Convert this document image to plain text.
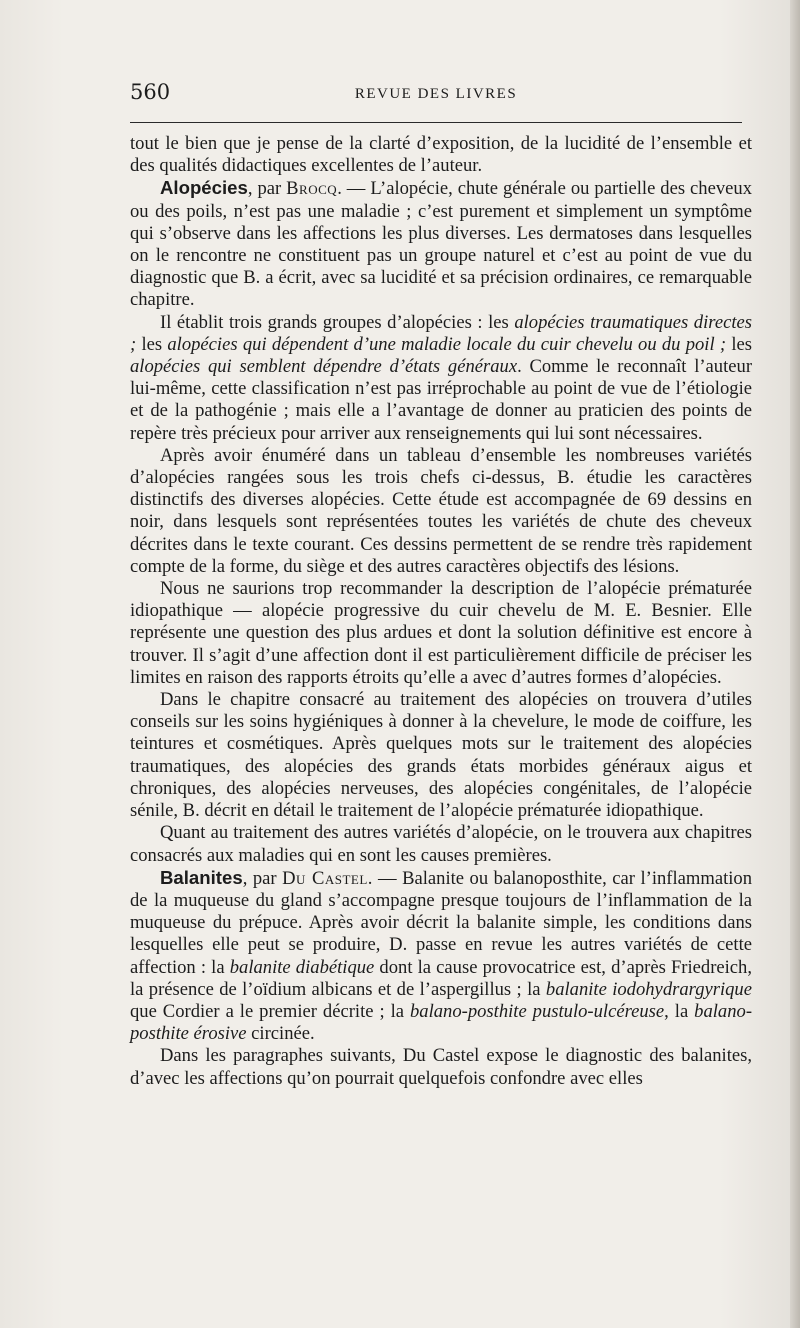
560	REVUE DES LIVRES

tout le bien que je pense de la clarté d’exposition, de la lucidité de l’ensemble et des qualités didactiques excellentes de l’auteur.

Alopécies, par Brocq. — L’alopécie, chute générale ou partielle des cheveux ou des poils, n’est pas une maladie ; c’est purement et simplement un symptôme qui s’observe dans les affections les plus diverses. Les dermatoses dans lesquelles on le rencontre ne constituent pas un groupe naturel et c’est au point de vue du diagnostic que B. a écrit, avec sa lucidité et sa précision ordinaires, ce remarquable chapitre.

Il établit trois grands groupes d’alopécies : les alopécies traumatiques directes ; les alopécies qui dépendent d’une maladie locale du cuir chevelu ou du poil ; les alopécies qui semblent dépendre d’états généraux. Comme le reconnaît l’auteur lui-même, cette classification n’est pas irréprochable au point de vue de l’étiologie et de la pathogénie ; mais elle a l’avantage de donner au praticien des points de repère très précieux pour arriver aux renseignements qui lui sont nécessaires.

Après avoir énuméré dans un tableau d’ensemble les nombreuses variétés d’alopécies rangées sous les trois chefs ci-dessus, B. étudie les caractères distinctifs des diverses alopécies. Cette étude est accompagnée de 69 dessins en noir, dans lesquels sont représentées toutes les variétés de chute des cheveux décrites dans le texte courant. Ces dessins permettent de se rendre très rapidement compte de la forme, du siège et des autres caractères objectifs des lésions.

Nous ne saurions trop recommander la description de l’alopécie prématurée idiopathique — alopécie progressive du cuir chevelu de M. E. Besnier. Elle représente une question des plus ardues et dont la solution définitive est encore à trouver. Il s’agit d’une affection dont il est particulièrement difficile de préciser les limites en raison des rapports étroits qu’elle a avec d’autres formes d’alopécies.

Dans le chapitre consacré au traitement des alopécies on trouvera d’utiles conseils sur les soins hygiéniques à donner à la chevelure, le mode de coiffure, les teintures et cosmétiques. Après quelques mots sur le traitement des alopécies traumatiques, des alopécies des grands états morbides généraux aigus et chroniques, des alopécies nerveuses, des alopécies congénitales, de l’alopécie sénile, B. décrit en détail le traitement de l’alopécie prématurée idiopathique.

Quant au traitement des autres variétés d’alopécie, on le trouvera aux chapitres consacrés aux maladies qui en sont les causes premières.

Balanites, par Du Castel. — Balanite ou balanoposthite, car l’inflammation de la muqueuse du gland s’accompagne presque toujours de l’inflammation de la muqueuse du prépuce. Après avoir décrit la balanite simple, les conditions dans lesquelles elle peut se produire, D. passe en revue les autres variétés de cette affection : la balanite diabétique dont la cause provocatrice est, d’après Friedreich, la présence de l’oïdium albicans et de l’aspergillus ; la balanite iodohydrargyrique que Cordier a le premier décrite ; la balano-posthite pustulo-ulcéreuse, la balano-posthite érosive circinée.

Dans les paragraphes suivants, Du Castel expose le diagnostic des balanites, d’avec les affections qu’on pourrait quelquefois confondre avec elles
